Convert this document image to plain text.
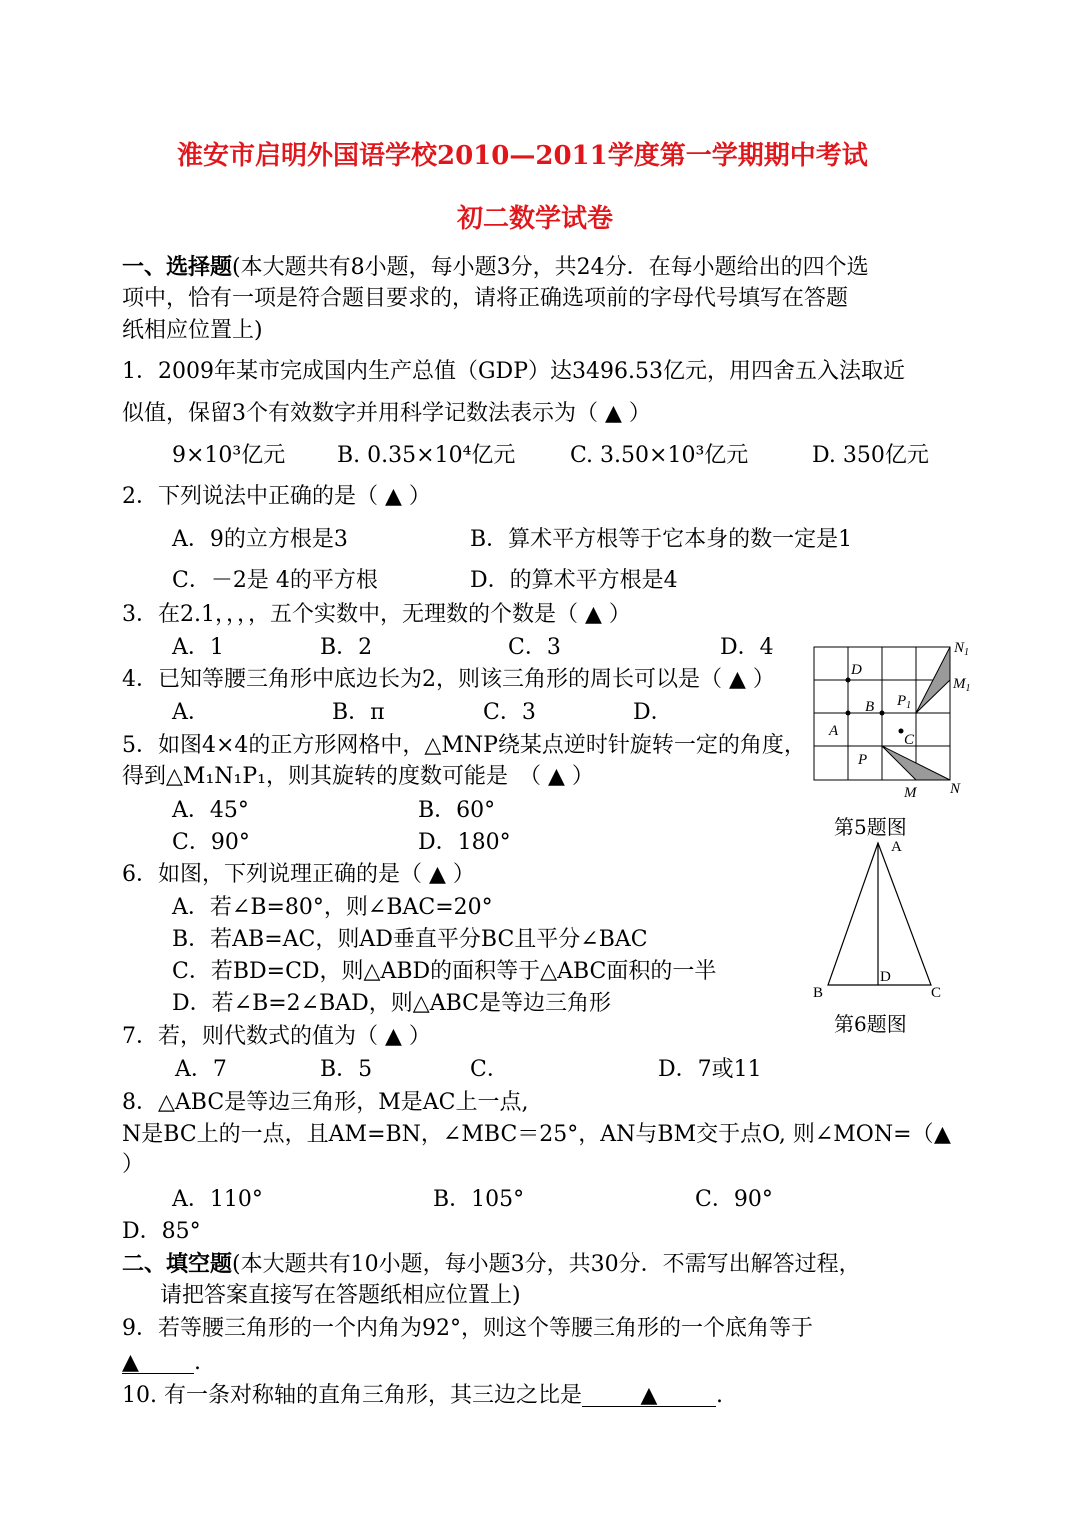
淮安市启明外国语学校2010—2011学度第一学期期中考试
初二数学试卷
一、选择题(本大题共有8小题，每小题3分，共24分．在每小题给出的四个选
项中，恰有一项是符合题目要求的，请将正确选项前的字母代号填写在答题
纸相应位置上)
1．2009年某市完成国内生产总值（GDP）达3496.53亿元，用四舍五入法取近
似值，保留3个有效数字并用科学记数法表示为（ ▲ ）
9×10³亿元 B. 0.35×10⁴亿元 C. 3.50×10³亿元	D. 350亿元
2．下列说法中正确的是（ ▲ ）
A．9的立方根是3	B．算术平方根等于它本身的数一定是1
C．－2是 4的平方根	D．的算术平方根是4
3．在2.1，，，，五个实数中，无理数的个数是（ ▲ ）
A．1	B．2	C．3	D．4
4．已知等腰三角形中底边长为2，则该三角形的周长可以是（ ▲ ）
A．	B．π	C．3	D．
5．如图4×4的正方形网格中，△MNP绕某点逆时针旋转一定的角度，
得到△M₁N₁P₁，则其旋转的度数可能是　（ ▲ ）
A．45°	B．60°
C．90°	D．180°
6．如图，下列说理正确的是（ ▲ ）
A．若∠B=80°，则∠BAC=20°
B．若AB=AC，则AD垂直平分BC且平分∠BAC
C．若BD=CD，则△ABD的面积等于△ABC面积的一半
D．若∠B=2∠BAD，则△ABC是等边三角形
7．若，则代数式的值为（ ▲ ）
A．7	B．5	C．	D．7或11
8．△ABC是等边三角形，M是AC上一点,
N是BC上的一点，且AM=BN，∠MBC＝25°，AN与BM交于点O, 则∠MON=（ ▲
）
A．110°	B．105°	C．90°
D．85°
二、填空题(本大题共有10小题，每小题3分，共30分．不需写出解答过程，
请把答案直接写在答题纸相应位置上)
9．若等腰三角形的一个内角为92°，则这个等腰三角形的一个底角等于
▲	.
10. 有一条对称轴的直角三角形，其三边之比是	▲	.
$N_1$
$M_1$
D
B $P_1$
A
C
P
M N
第5题图
A
B	C
D
第6题图
